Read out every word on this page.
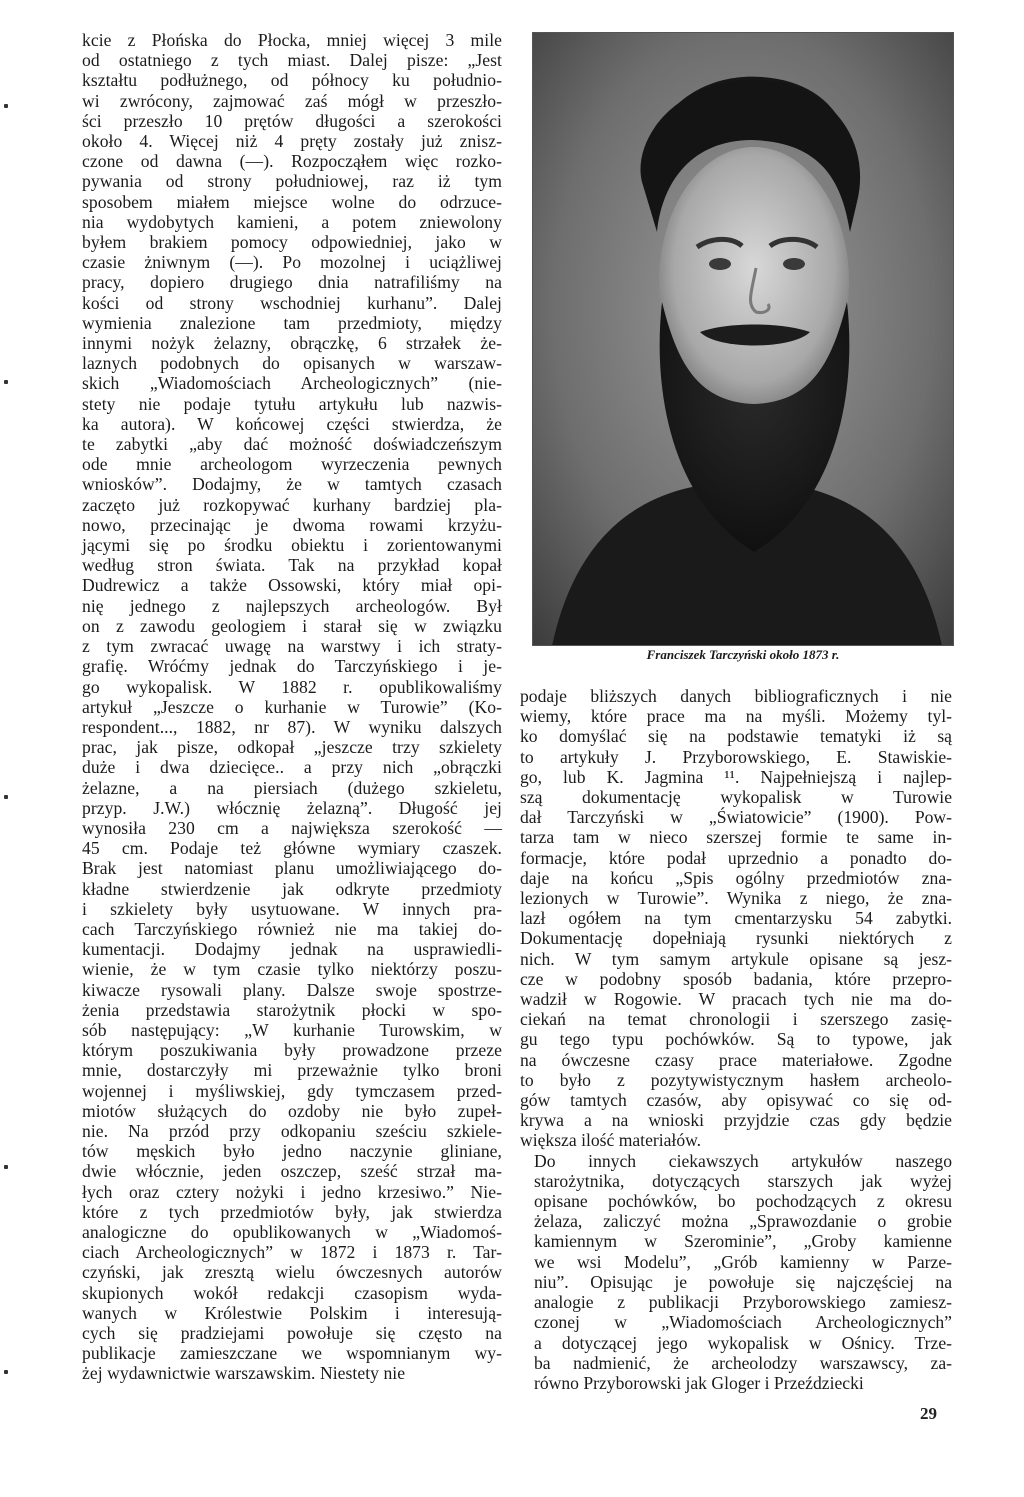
kcie z Płońska do Płocka, mniej więcej 3 mile
od ostatniego z tych miast. Dalej pisze: „Jest
kształtu podłużnego, od północy ku południo-
wi zwrócony, zajmować zaś mógł w przeszło-
ści przeszło 10 prętów długości a szerokości
około 4. Więcej niż 4 pręty zostały już znisz-
czone od dawna (—). Rozpocząłem więc rozko-
pywania od strony południowej, raz iż tym
sposobem miałem miejsce wolne do odrzuce-
nia wydobytych kamieni, a potem zniewolony
byłem brakiem pomocy odpowiedniej, jako w
czasie żniwnym (—). Po mozolnej i uciążliwej
pracy, dopiero drugiego dnia natrafiliśmy na
kości od strony wschodniej kurhanu”. Dalej
wymienia znalezione tam przedmioty, między
innymi nożyk żelazny, obrączkę, 6 strzałek że-
laznych podobnych do opisanych w warszaw-
skich „Wiadomościach Archeologicznych” (nie-
stety nie podaje tytułu artykułu lub nazwis-
ka autora). W końcowej części stwierdza, że
te zabytki „aby dać możność doświadczeńszym
ode mnie archeologom wyrzeczenia pewnych
wniosków”. Dodajmy, że w tamtych czasach
zaczęto już rozkopywać kurhany bardziej pla-
nowo, przecinając je dwoma rowami krzyżu-
jącymi się po środku obiektu i zorientowanymi
według stron świata. Tak na przykład kopał
Dudrewicz a także Ossowski, który miał opi-
nię jednego z najlepszych archeologów. Był
on z zawodu geologiem i starał się w związku
z tym zwracać uwagę na warstwy i ich straty-
grafię. Wróćmy jednak do Tarczyńskiego i je-
go wykopalisk. W 1882 r. opublikowaliśmy
artykuł „Jeszcze o kurhanie w Turowie” (Ko-
respondent..., 1882, nr 87). W wyniku dalszych
prac, jak pisze, odkopał „jeszcze trzy szkielety
duże i dwa dziecięce.. a przy nich „obrączki
żelazne, a na piersiach (dużego szkieletu,
przyp. J.W.) włócznię żelazną”. Długość jej
wynosiła 230 cm a największa szerokość —
45 cm. Podaje też główne wymiary czaszek.
Brak jest natomiast planu umożliwiającego do-
kładne stwierdzenie jak odkryte przedmioty
i szkielety były usytuowane. W innych pra-
cach Tarczyńskiego również nie ma takiej do-
kumentacji. Dodajmy jednak na usprawiedli-
wienie, że w tym czasie tylko niektórzy poszu-
kiwacze rysowali plany. Dalsze swoje spostrze-
żenia przedstawia starożytnik płocki w spo-
sób następujący: „W kurhanie Turowskim, w
którym poszukiwania były prowadzone przeze
mnie, dostarczyły mi przeważnie tylko broni
wojennej i myśliwskiej, gdy tymczasem przed-
miotów służących do ozdoby nie było zupeł-
nie. Na przód przy odkopaniu sześciu szkiele-
tów męskich było jedno naczynie gliniane,
dwie włócznie, jeden oszczep, sześć strzał ma-
łych oraz cztery nożyki i jedno krzesiwo.” Nie-
które z tych przedmiotów były, jak stwierdza
analogiczne do opublikowanych w „Wiadomoś-
ciach Archeologicznych” w 1872 i 1873 r. Tar-
czyński, jak zresztą wielu ówczesnych autorów
skupionych wokół redakcji czasopism wyda-
wanych w Królestwie Polskim i interesują-
cych się pradziejami powołuje się często na
publikacje zamieszczane we wspomnianym wy-
żej wydawnictwie warszawskim. Niestety nie
Franciszek Tarczyński około 1873 r.

podaje bliższych danych bibliograficznych i nie
wiemy, które prace ma na myśli. Możemy tyl-
ko domyślać się na podstawie tematyki iż są
to artykuły J. Przyborowskiego, E. Stawiskie-
go, lub K. Jagmina ¹¹. Najpełniejszą i najlep-
szą dokumentację wykopalisk w Turowie
dał Tarczyński w „Światowicie” (1900). Pow-
tarza tam w nieco szerszej formie te same in-
formacje, które podał uprzednio a ponadto do-
daje na końcu „Spis ogólny przedmiotów zna-
lezionych w Turowie”. Wynika z niego, że zna-
lazł ogółem na tym cmentarzysku 54 zabytki.
Dokumentację dopełniają rysunki niektórych z
nich. W tym samym artykule opisane są jesz-
cze w podobny sposób badania, które przepro-
wadził w Rogowie. W pracach tych nie ma do-
ciekań na temat chronologii i szerszego zasię-
gu tego typu pochówków. Są to typowe, jak
na ówczesne czasy prace materiałowe. Zgodne
to było z pozytywistycznym hasłem archeolo-
gów tamtych czasów, aby opisywać co się od-
krywa a na wnioski przyjdzie czas gdy będzie
większa ilość materiałów.

Do innych ciekawszych artykułów naszego
starożytnika, dotyczących starszych jak wyżej
opisane pochówków, bo pochodzących z okresu
żelaza, zaliczyć można „Sprawozdanie o grobie
kamiennym w Szerominie”, „Groby kamienne
we wsi Modelu”, „Grób kamienny w Parze-
niu”. Opisując je powołuje się najczęściej na
analogie z publikacji Przyborowskiego zamiesz-
czonej w „Wiadomościach Archeologicznych”
a dotyczącej jego wykopalisk w Ośnicy. Trze-
ba nadmienić, że archeolodzy warszawscy, za-
równo Przyborowski jak Gloger i Przeździecki

29
